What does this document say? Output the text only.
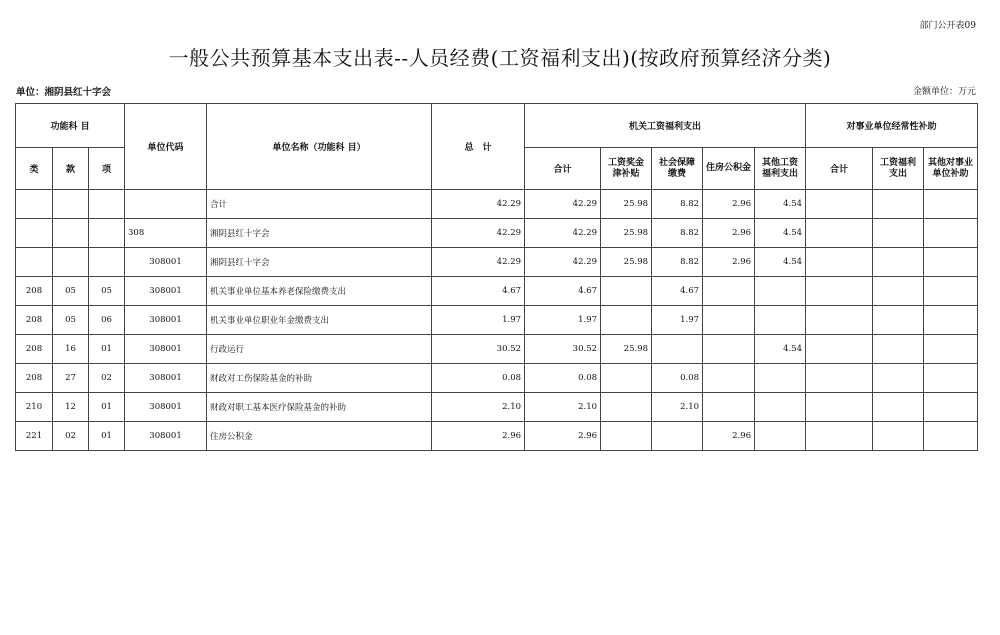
部门公开表09
一般公共预算基本支出表--人员经费(工资福利支出)(按政府预算经济分类)
单位：湘阴县红十字会	金额单位：万元
功能科 目			单位代码	单位名称（功能科 目）	总　计	机关工资福利支出					对事业单位经常性补助		
类	款	项				合计	工资奖金津补贴	社会保障缴费	住房公积金	其他工资福利支出	合计	工资福利支出	其他对事业单位补助
				合计	42.29	42.29	25.98	8.82	2.96	4.54			
			308	湘阴县红十字会	42.29	42.29	25.98	8.82	2.96	4.54			
			308001	湘阴县红十字会	42.29	42.29	25.98	8.82	2.96	4.54			
208	05	05	308001	机关事业单位基本养老保险缴费支出	4.67	4.67		4.67					
208	05	06	308001	机关事业单位职业年金缴费支出	1.97	1.97		1.97					
208	16	01	308001	行政运行	30.52	30.52	25.98			4.54			
208	27	02	308001	财政对工伤保险基金的补助	0.08	0.08		0.08					
210	12	01	308001	财政对职工基本医疗保险基金的补助	2.10	2.10		2.10					
221	02	01	308001	住房公积金	2.96	2.96			2.96				
